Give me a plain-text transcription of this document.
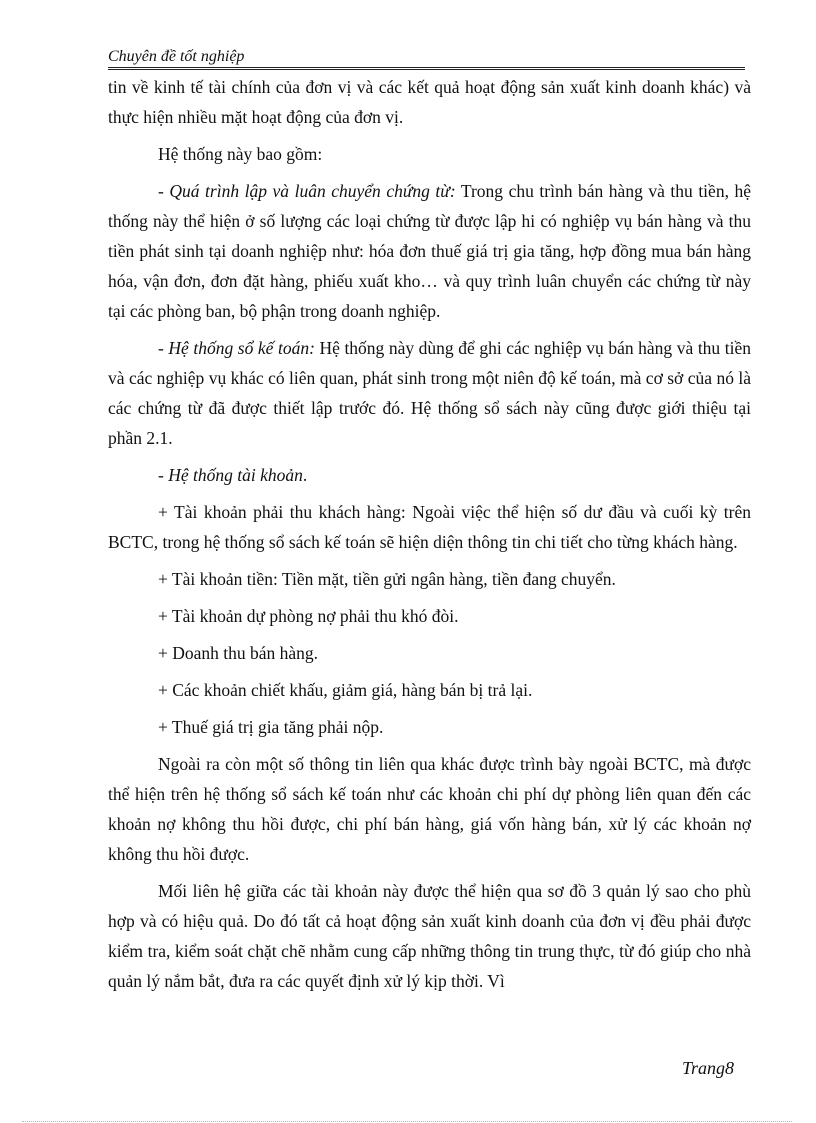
Chuyên đề tốt nghiệp

tin về kinh tế tài chính của đơn vị và các kết quả hoạt động sản xuất kinh doanh khác) và thực hiện nhiều mặt hoạt động của đơn vị.

Hệ thống này bao gồm:

- Quá trình lập và luân chuyển chứng từ: Trong chu trình bán hàng và thu tiền, hệ thống này thể hiện ở số lượng các loại chứng từ được lập hi có nghiệp vụ bán hàng và thu tiền phát sinh tại doanh nghiệp như: hóa đơn thuế giá trị gia tăng, hợp đồng mua bán hàng hóa, vận đơn, đơn đặt hàng, phiếu xuất kho… và quy trình luân chuyển các chứng từ này tại các phòng ban, bộ phận trong doanh nghiệp.

- Hệ thống sổ kế toán: Hệ thống này dùng để ghi các nghiệp vụ bán hàng và thu tiền và các nghiệp vụ khác có liên quan, phát sinh trong một niên độ kế toán, mà cơ sở của nó là các chứng từ đã được thiết lập trước đó. Hệ thống sổ sách này cũng được giới thiệu tại phần 2.1.

- Hệ thống tài khoản.

+ Tài khoản phải thu khách hàng: Ngoài việc thể hiện số dư đầu và cuối kỳ trên BCTC, trong hệ thống sổ sách kế toán sẽ hiện diện thông tin chi tiết cho từng khách hàng.

+ Tài khoản tiền: Tiền mặt, tiền gửi ngân hàng, tiền đang chuyển.

+ Tài khoản dự phòng nợ phải thu khó đòi.

+ Doanh thu bán hàng.

+ Các khoản chiết khấu, giảm giá, hàng bán bị trả lại.

+ Thuế giá trị gia tăng phải nộp.

Ngoài ra còn một số thông tin liên qua khác được trình bày ngoài BCTC, mà được thể hiện trên hệ thống sổ sách kế toán như các khoản chi phí dự phòng liên quan đến các khoản nợ không thu hồi được, chi phí bán hàng, giá vốn hàng bán, xử lý các khoản nợ không thu hồi được.

Mối liên hệ giữa các tài khoản này được thể hiện qua sơ đồ 3 quản lý sao cho phù hợp và có hiệu quả. Do đó tất cả hoạt động sản xuất kinh doanh của đơn vị đều phải được kiểm tra, kiểm soát chặt chẽ nhằm cung cấp những thông tin trung thực, từ đó giúp cho nhà quản lý nắm bắt, đưa ra các quyết định xử lý kịp thời. Vì

Trang8
